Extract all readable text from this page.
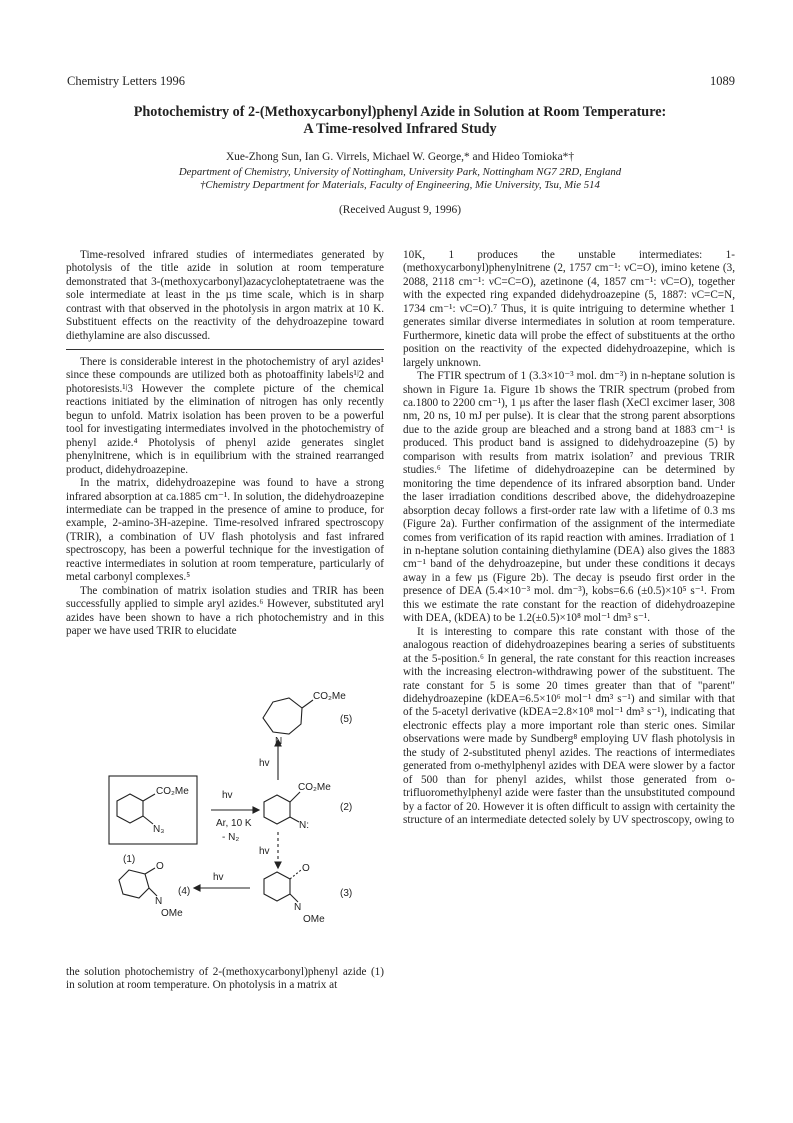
Chemistry Letters 1996	1089
Photochemistry of 2-(Methoxycarbonyl)phenyl Azide in Solution at Room Temperature:
A Time-resolved Infrared Study
Xue-Zhong Sun, Ian G. Virrels, Michael W. George,* and Hideo Tomioka*†
Department of Chemistry, University of Nottingham, University Park, Nottingham NG7 2RD, England
†Chemistry Department for Materials, Faculty of Engineering, Mie University, Tsu, Mie 514
(Received August 9, 1996)

Time-resolved infrared studies of intermediates generated by photolysis of the title azide in solution at room temperature demonstrated that 3-(methoxycarbonyl)azacycloheptatetraene was the sole intermediate at least in the µs time scale, which is in sharp contrast with that observed in the photolysis in argon matrix at 10 K. Substituent effects on the reactivity of the dehydroazepine toward diethylamine are also discussed.

There is considerable interest in the photochemistry of aryl azides¹ since these compounds are utilized both as photoaffinity labels¹ʲ2 and photoresists.¹ʲ3 However the complete picture of the chemical reactions initiated by the elimination of nitrogen has only recently begun to unfold. Matrix isolation has been proven to be a powerful tool for investigating intermediates involved in the photochemistry of phenyl azide.⁴ Photolysis of phenyl azide generates singlet phenylnitrene, which is in equilibrium with the strained rearranged product, didehydroazepine.

In the matrix, didehydroazepine was found to have a strong infrared absorption at ca.1885 cm⁻¹. In solution, the didehydroazepine intermediate can be trapped in the presence of amine to produce, for example, 2-amino-3H-azepine. Time-resolved infrared spectroscopy (TRIR), a combination of UV flash photolysis and fast infrared spectroscopy, has been a powerful technique for the investigation of reactive intermediates in solution at room temperature, particularly of metal carbonyl complexes.⁵

The combination of matrix isolation studies and TRIR has been successfully applied to simple aryl azides.⁶ However, substituted aryl azides have been shown to have a rich photochemistry and in this paper we have used TRIR to elucidate

CO₂Me
N₃
(1)
hv
Ar, 10 K
- N₂
CO₂Me
N:
(2)
CO₂Me
N
(5)
hv
hv
O
N
OMe
(3)
hv
(4)
O
N
OMe

the solution photochemistry of 2-(methoxycarbonyl)phenyl azide (1) in solution at room temperature. On photolysis in a matrix at

10K, 1 produces the unstable intermediates: 1-(methoxycarbonyl)phenylnitrene (2, 1757 cm⁻¹: νC=O), imino ketene (3, 2088, 2118 cm⁻¹: νC=C=O), azetinone (4, 1857 cm⁻¹: νC=O), together with the expected ring expanded didehydroazepine (5, 1887: νC=C=N, 1734 cm⁻¹: νC=O).⁷ Thus, it is quite intriguing to determine whether 1 generates similar diverse intermediates in solution at room temperature. Furthermore, kinetic data will probe the effect of substituents at the ortho position on the reactivity of the expected didehydroazepine, which is largely unknown.

The FTIR spectrum of 1 (3.3×10⁻³ mol. dm⁻³) in n-heptane solution is shown in Figure 1a. Figure 1b shows the TRIR spectrum (probed from ca.1800 to 2200 cm⁻¹), 1 µs after the laser flash (XeCl excimer laser, 308 nm, 20 ns, 10 mJ per pulse). It is clear that the strong parent absorptions due to the azide group are bleached and a strong band at 1883 cm⁻¹ is produced. This product band is assigned to didehydroazepine (5) by comparison with results from matrix isolation⁷ and previous TRIR studies.⁶ The lifetime of didehydroazepine can be determined by monitoring the time dependence of its infrared absorption band. Under the laser irradiation conditions described above, the didehydroazepine absorption decay follows a first-order rate law with a lifetime of 0.3 ms (Figure 2a). Further confirmation of the assignment of the intermediate comes from verification of its rapid reaction with amines. Irradiation of 1 in n-heptane solution containing diethylamine (DEA) also gives the 1883 cm⁻¹ band of the dehydroazepine, but under these conditions it decays away in a few µs (Figure 2b). The decay is pseudo first order in the presence of DEA (5.4×10⁻³ mol. dm⁻³), kobs=6.6 (±0.5)×10⁵ s⁻¹. From this we estimate the rate constant for the reaction of didehydroazepine with DEA, (kDEA) to be 1.2(±0.5)×10⁸ mol⁻¹ dm³ s⁻¹.

It is interesting to compare this rate constant with those of the analogous reaction of didehydroazepines bearing a series of substituents at the 5-position.⁶ In general, the rate constant for this reaction increases with the increasing electron-withdrawing power of the substituent. The rate constant for 5 is some 20 times greater than that of "parent" didehydroazepine (kDEA=6.5×10⁶ mol⁻¹ dm³ s⁻¹) and similar with that of the 5-acetyl derivative (kDEA=2.8×10⁸ mol⁻¹ dm³ s⁻¹), indicating that electronic effects play a more important role than steric ones. Similar observations were made by Sundberg⁸ employing UV flash photolysis in the study of 2-substituted phenyl azides. The reactions of intermediates generated from o-methylphenyl azides with DEA were slower by a factor of 500 than for phenyl azides, whilst those generated from o-trifluoromethylphenyl azide were faster than the unsubstituted compound by a factor of 20. However it is often difficult to assign with certainity the structure of an intermediate detected solely by UV spectroscopy, owing to
